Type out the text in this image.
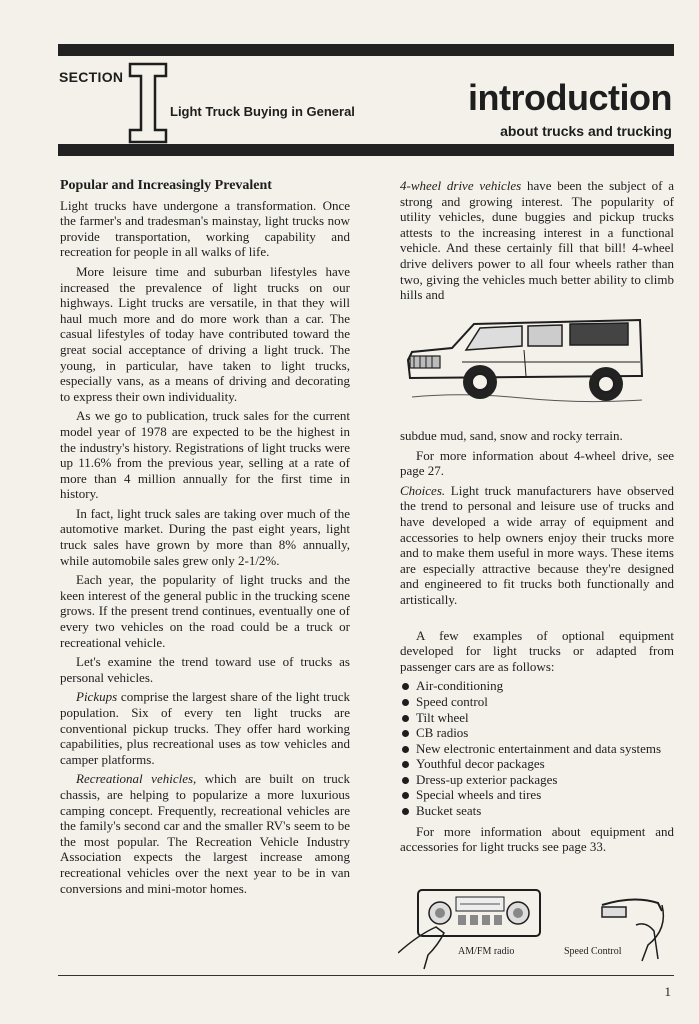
SECTION
Light Truck Buying in General	introduction
about trucks and trucking
Popular and Increasingly Prevalent

Light trucks have undergone a transformation. Once the farmer's and tradesman's mainstay, light trucks now provide transportation, working capability and recreation for people in all walks of life.

More leisure time and suburban lifestyles have increased the prevalence of light trucks on our highways. Light trucks are versatile, in that they will haul much more and do more work than a car. The casual lifestyles of today have contributed toward the great social acceptance of driving a light truck. The young, in particular, have taken to light trucks, especially vans, as a means of driving and decorating to express their own individuality.

As we go to publication, truck sales for the current model year of 1978 are expected to be the highest in the industry's history. Registrations of light trucks were up 11.6% from the previous year, selling at a rate of more than 4 million annually for the first time in history.

In fact, light truck sales are taking over much of the automotive market. During the past eight years, light truck sales have grown by more than 8% annually, while automobile sales grew only 2-1/2%.

Each year, the popularity of light trucks and the keen interest of the general public in the trucking scene grows. If the present trend continues, eventually one of every two vehicles on the road could be a truck or recreational vehicle.

Let's examine the trend toward use of trucks as personal vehicles.

Pickups comprise the largest share of the light truck population. Six of every ten light trucks are conventional pickup trucks. They offer hard working capabilities, plus recreational uses as tow vehicles and camper platforms.

Recreational vehicles, which are built on truck chassis, are helping to popularize a more luxurious camping concept. Frequently, recreational vehicles are the family's second car and the smaller RV's seem to be the most popular. The Recreation Vehicle Industry Association expects the largest increase among recreational vehicles over the next year to be in van conversions and mini-motor homes.

4-wheel drive vehicles have been the subject of a strong and growing interest. The popularity of utility vehicles, dune buggies and pickup trucks attests to the increasing interest in a functional vehicle. And these certainly fill that bill! 4-wheel drive delivers power to all four wheels rather than two, giving the vehicles much better ability to climb hills and

subdue mud, sand, snow and rocky terrain.

For more information about 4-wheel drive, see page 27.

Choices. Light truck manufacturers have observed the trend to personal and leisure use of trucks and have developed a wide array of equipment and accessories to help owners enjoy their trucks more and to make them useful in more ways. These items are especially attractive because they're designed and engineered to fit trucks both functionally and artistically.

A few examples of optional equipment developed for light trucks or adapted from passenger cars are as follows:

Air-conditioning
Speed control
Tilt wheel
CB radios
New electronic entertainment and data systems
Youthful decor packages
Dress-up exterior packages
Special wheels and tires
Bucket seats

For more information about equipment and accessories for light trucks see page 33.

AM/FM radio	Speed Control
1
